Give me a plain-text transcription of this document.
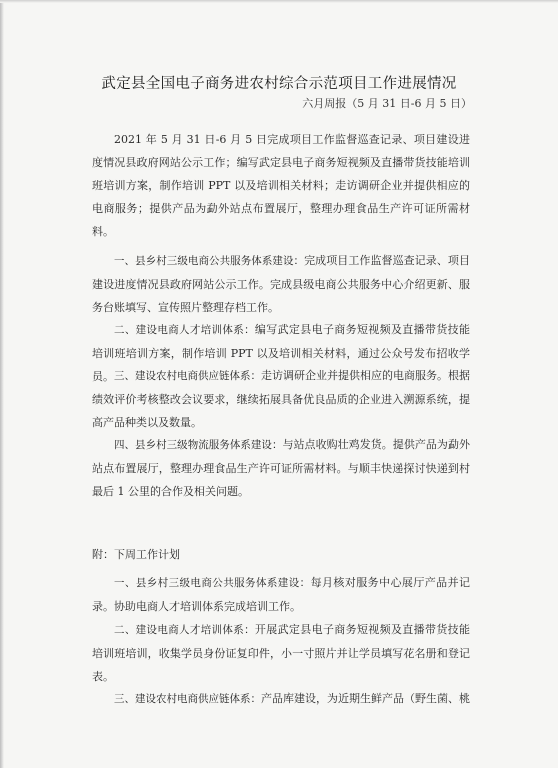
武定县全国电子商务进农村综合示范项目工作进展情况
六月周报（5 月 31 日-6 月 5 日）

2021 年 5 月 31 日-6 月 5 日完成项目工作监督巡查记录、项目建设进度情况县政府网站公示工作；编写武定县电子商务短视频及直播带货技能培训班培训方案，制作培训 PPT 以及培训相关材料；走访调研企业并提供相应的电商服务；提供产品为勐外站点布置展厅，整理办理食品生产许可证所需材料。

一、县乡村三级电商公共服务体系建设：完成项目工作监督巡查记录、项目建设进度情况县政府网站公示工作。完成县级电商公共服务中心介绍更新、服务台账填写、宣传照片整理存档工作。

二、建设电商人才培训体系：编写武定县电子商务短视频及直播带货技能培训班培训方案，制作培训 PPT 以及培训相关材料，通过公众号发布招收学员。 三、建设农村电商供应链体系：走访调研企业并提供相应的电商服务。根据绩效评价考核整改会议要求，继续拓展具备优良品质的企业进入溯源系统，提高产品种类以及数量。

四、县乡村三级物流服务体系建设：与站点收购壮鸡发货。提供产品为勐外站点布置展厅，整理办理食品生产许可证所需材料。与顺丰快递探讨快递到村最后 1 公里的合作及相关问题。

附：下周工作计划

一、县乡村三级电商公共服务体系建设：每月核对服务中心展厅产品并记录。协助电商人才培训体系完成培训工作。

二、建设电商人才培训体系：开展武定县电子商务短视频及直播带货技能培训班培训，收集学员身份证复印件，小一寸照片并让学员填写花名册和登记表。

三、建设农村电商供应链体系：产品库建设，为近期生鲜产品（野生菌、桃
